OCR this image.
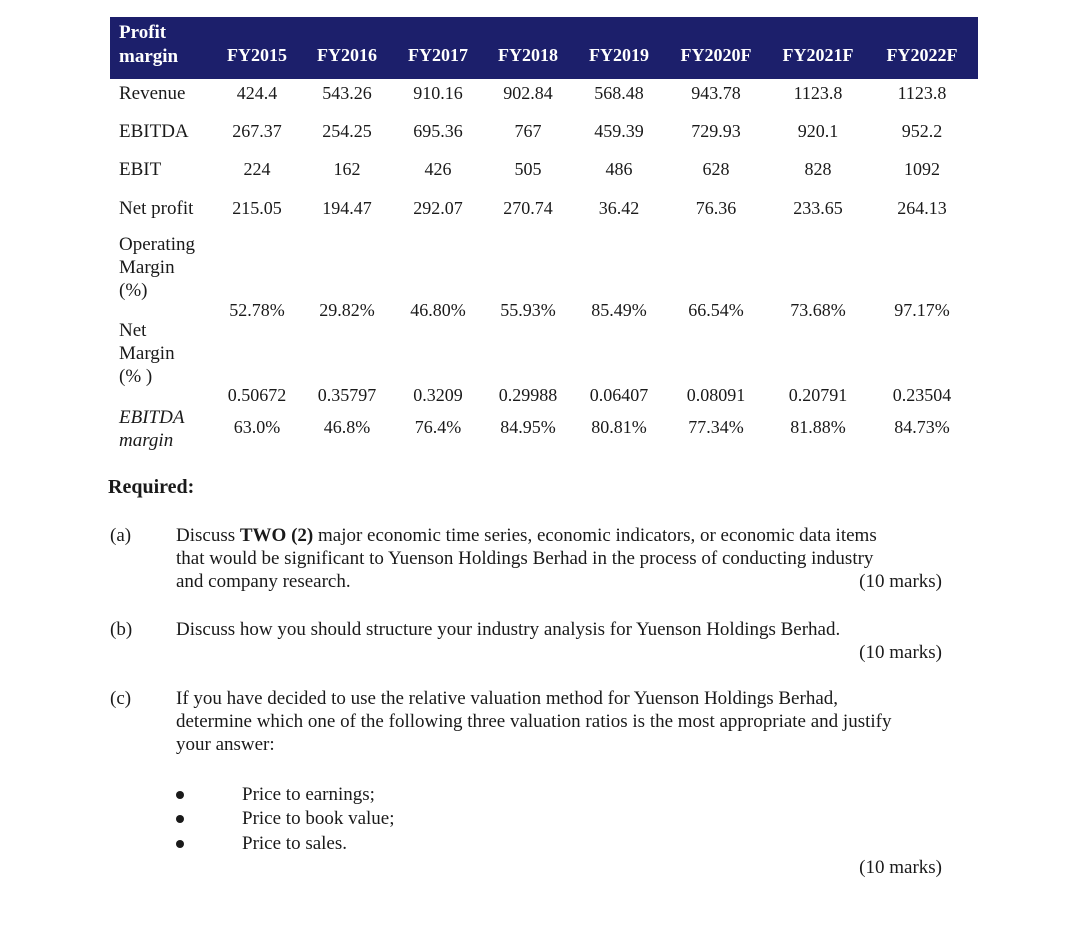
Profit
margin	FY2015 FY2016 FY2017 FY2018 FY2019 FY2020F FY2021F FY2022F
Revenue	424.4	543.26 910.16 902.84 568.48	943.78	1123.8	1123.8
EBITDA 267.37 254.25 695.36	767	459.39	729.93	920.1	952.2
EBIT	224	162	426	505	486	628	828	1092
Net profit 215.05 194.47 292.07 270.74	36.42	76.36	233.65	264.13
Operating
Margin
(%)
52.78% 29.82% 46.80% 55.93% 85.49% 66.54%	73.68%	97.17%
Net
Margin
(% )
0.50672 0.35797 0.3209 0.29988 0.06407 0.08091 0.20791	0.23504
EBITDA
margin
63.0% 46.8% 76.4% 84.95% 80.81% 77.34%	81.88%	84.73%
Required:
(a) Discuss TWO (2) major economic time series, economic indicators, or economic data items
that would be significant to Yuenson Holdings Berhad in the process of conducting industry
and company research.	(10 marks)
(b) Discuss how you should structure your industry analysis for Yuenson Holdings Berhad.
(10 marks)
(c) If you have decided to use the relative valuation method for Yuenson Holdings Berhad,
determine which one of the following three valuation ratios is the most appropriate and justify
your answer:
Price to earnings;
Price to book value;
Price to sales.
(10 marks)
